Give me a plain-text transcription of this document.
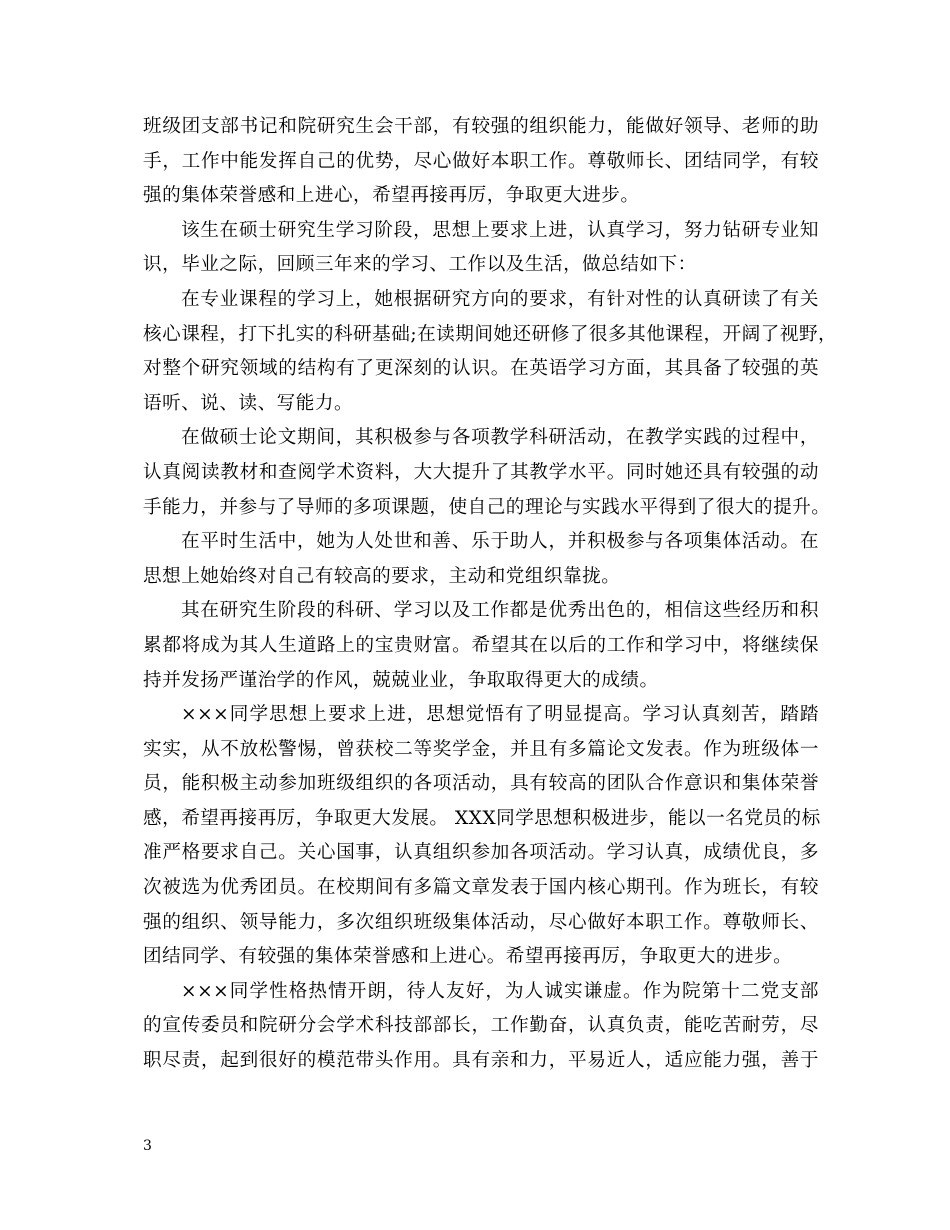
班级团支部书记和院研究生会干部，有较强的组织能力，能做好领导、老师的助
手，工作中能发挥自己的优势，尽心做好本职工作。尊敬师长、团结同学，有较
强的集体荣誉感和上进心，希望再接再厉，争取更大进步。
该生在硕士研究生学习阶段，思想上要求上进，认真学习，努力钻研专业知
识，毕业之际，回顾三年来的学习、工作以及生活，做总结如下：
在专业课程的学习上，她根据研究方向的要求，有针对性的认真研读了有关
核心课程，打下扎实的科研基础;在读期间她还研修了很多其他课程，开阔了视野，
对整个研究领域的结构有了更深刻的认识。在英语学习方面，其具备了较强的英
语听、说、读、写能力。
在做硕士论文期间，其积极参与各项教学科研活动，在教学实践的过程中，
认真阅读教材和查阅学术资料，大大提升了其教学水平。同时她还具有较强的动
手能力，并参与了导师的多项课题，使自己的理论与实践水平得到了很大的提升。
在平时生活中，她为人处世和善、乐于助人，并积极参与各项集体活动。在
思想上她始终对自己有较高的要求，主动和党组织靠拢。
其在研究生阶段的科研、学习以及工作都是优秀出色的，相信这些经历和积
累都将成为其人生道路上的宝贵财富。希望其在以后的工作和学习中，将继续保
持并发扬严谨治学的作风，兢兢业业，争取取得更大的成绩。
×××同学思想上要求上进，思想觉悟有了明显提高。学习认真刻苦，踏踏
实实，从不放松警惕，曾获校二等奖学金，并且有多篇论文发表。作为班级体一
员，能积极主动参加班级组织的各项活动，具有较高的团队合作意识和集体荣誉
感，希望再接再厉，争取更大发展。 XXX同学思想积极进步，能以一名党员的标
准严格要求自己。关心国事，认真组织参加各项活动。学习认真，成绩优良，多
次被选为优秀团员。在校期间有多篇文章发表于国内核心期刊。作为班长，有较
强的组织、领导能力，多次组织班级集体活动，尽心做好本职工作。尊敬师长、
团结同学、有较强的集体荣誉感和上进心。希望再接再厉，争取更大的进步。
×××同学性格热情开朗，待人友好，为人诚实谦虚。作为院第十二党支部
的宣传委员和院研分会学术科技部部长，工作勤奋，认真负责，能吃苦耐劳，尽
职尽责，起到很好的模范带头作用。具有亲和力，平易近人，适应能力强，善于
3
